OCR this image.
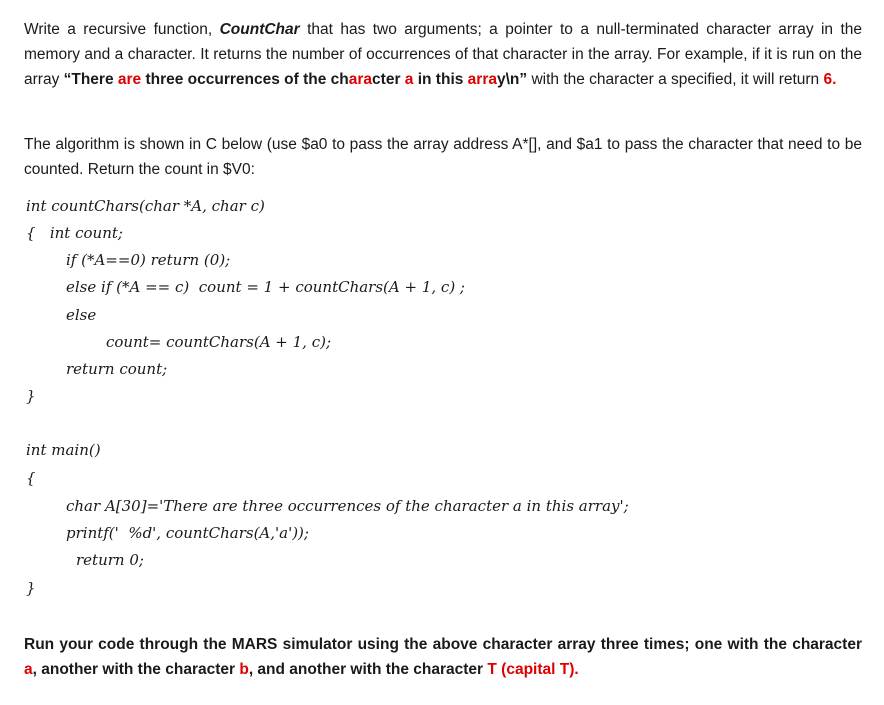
Write a recursive function, CountChar that has two arguments; a pointer to a null-terminated character array in the memory and a character. It returns the number of occurrences of that character in the array. For example, if it is run on the array “There are three occurrences of the character a in this array\n” with the character a specified, it will return 6.
The algorithm is shown in C below (use $a0 to pass the array address A*[], and $a1 to pass the character that need to be counted. Return the count in $V0:
int countChars(char *A, char c)
{   int count;
if (*A==0) return (0);
else if (*A == c)  count = 1 + countChars(A + 1, c) ;
else
count= countChars(A + 1, c);
return count;
}
int main()
{
char A[30]='There are three occurrences of the character a in this array';
printf('  %d', countChars(A,'a'));
return 0;
}
Run your code through the MARS simulator using the above character array three times; one with the character a, another with the character b, and another with the character T (capital T).
